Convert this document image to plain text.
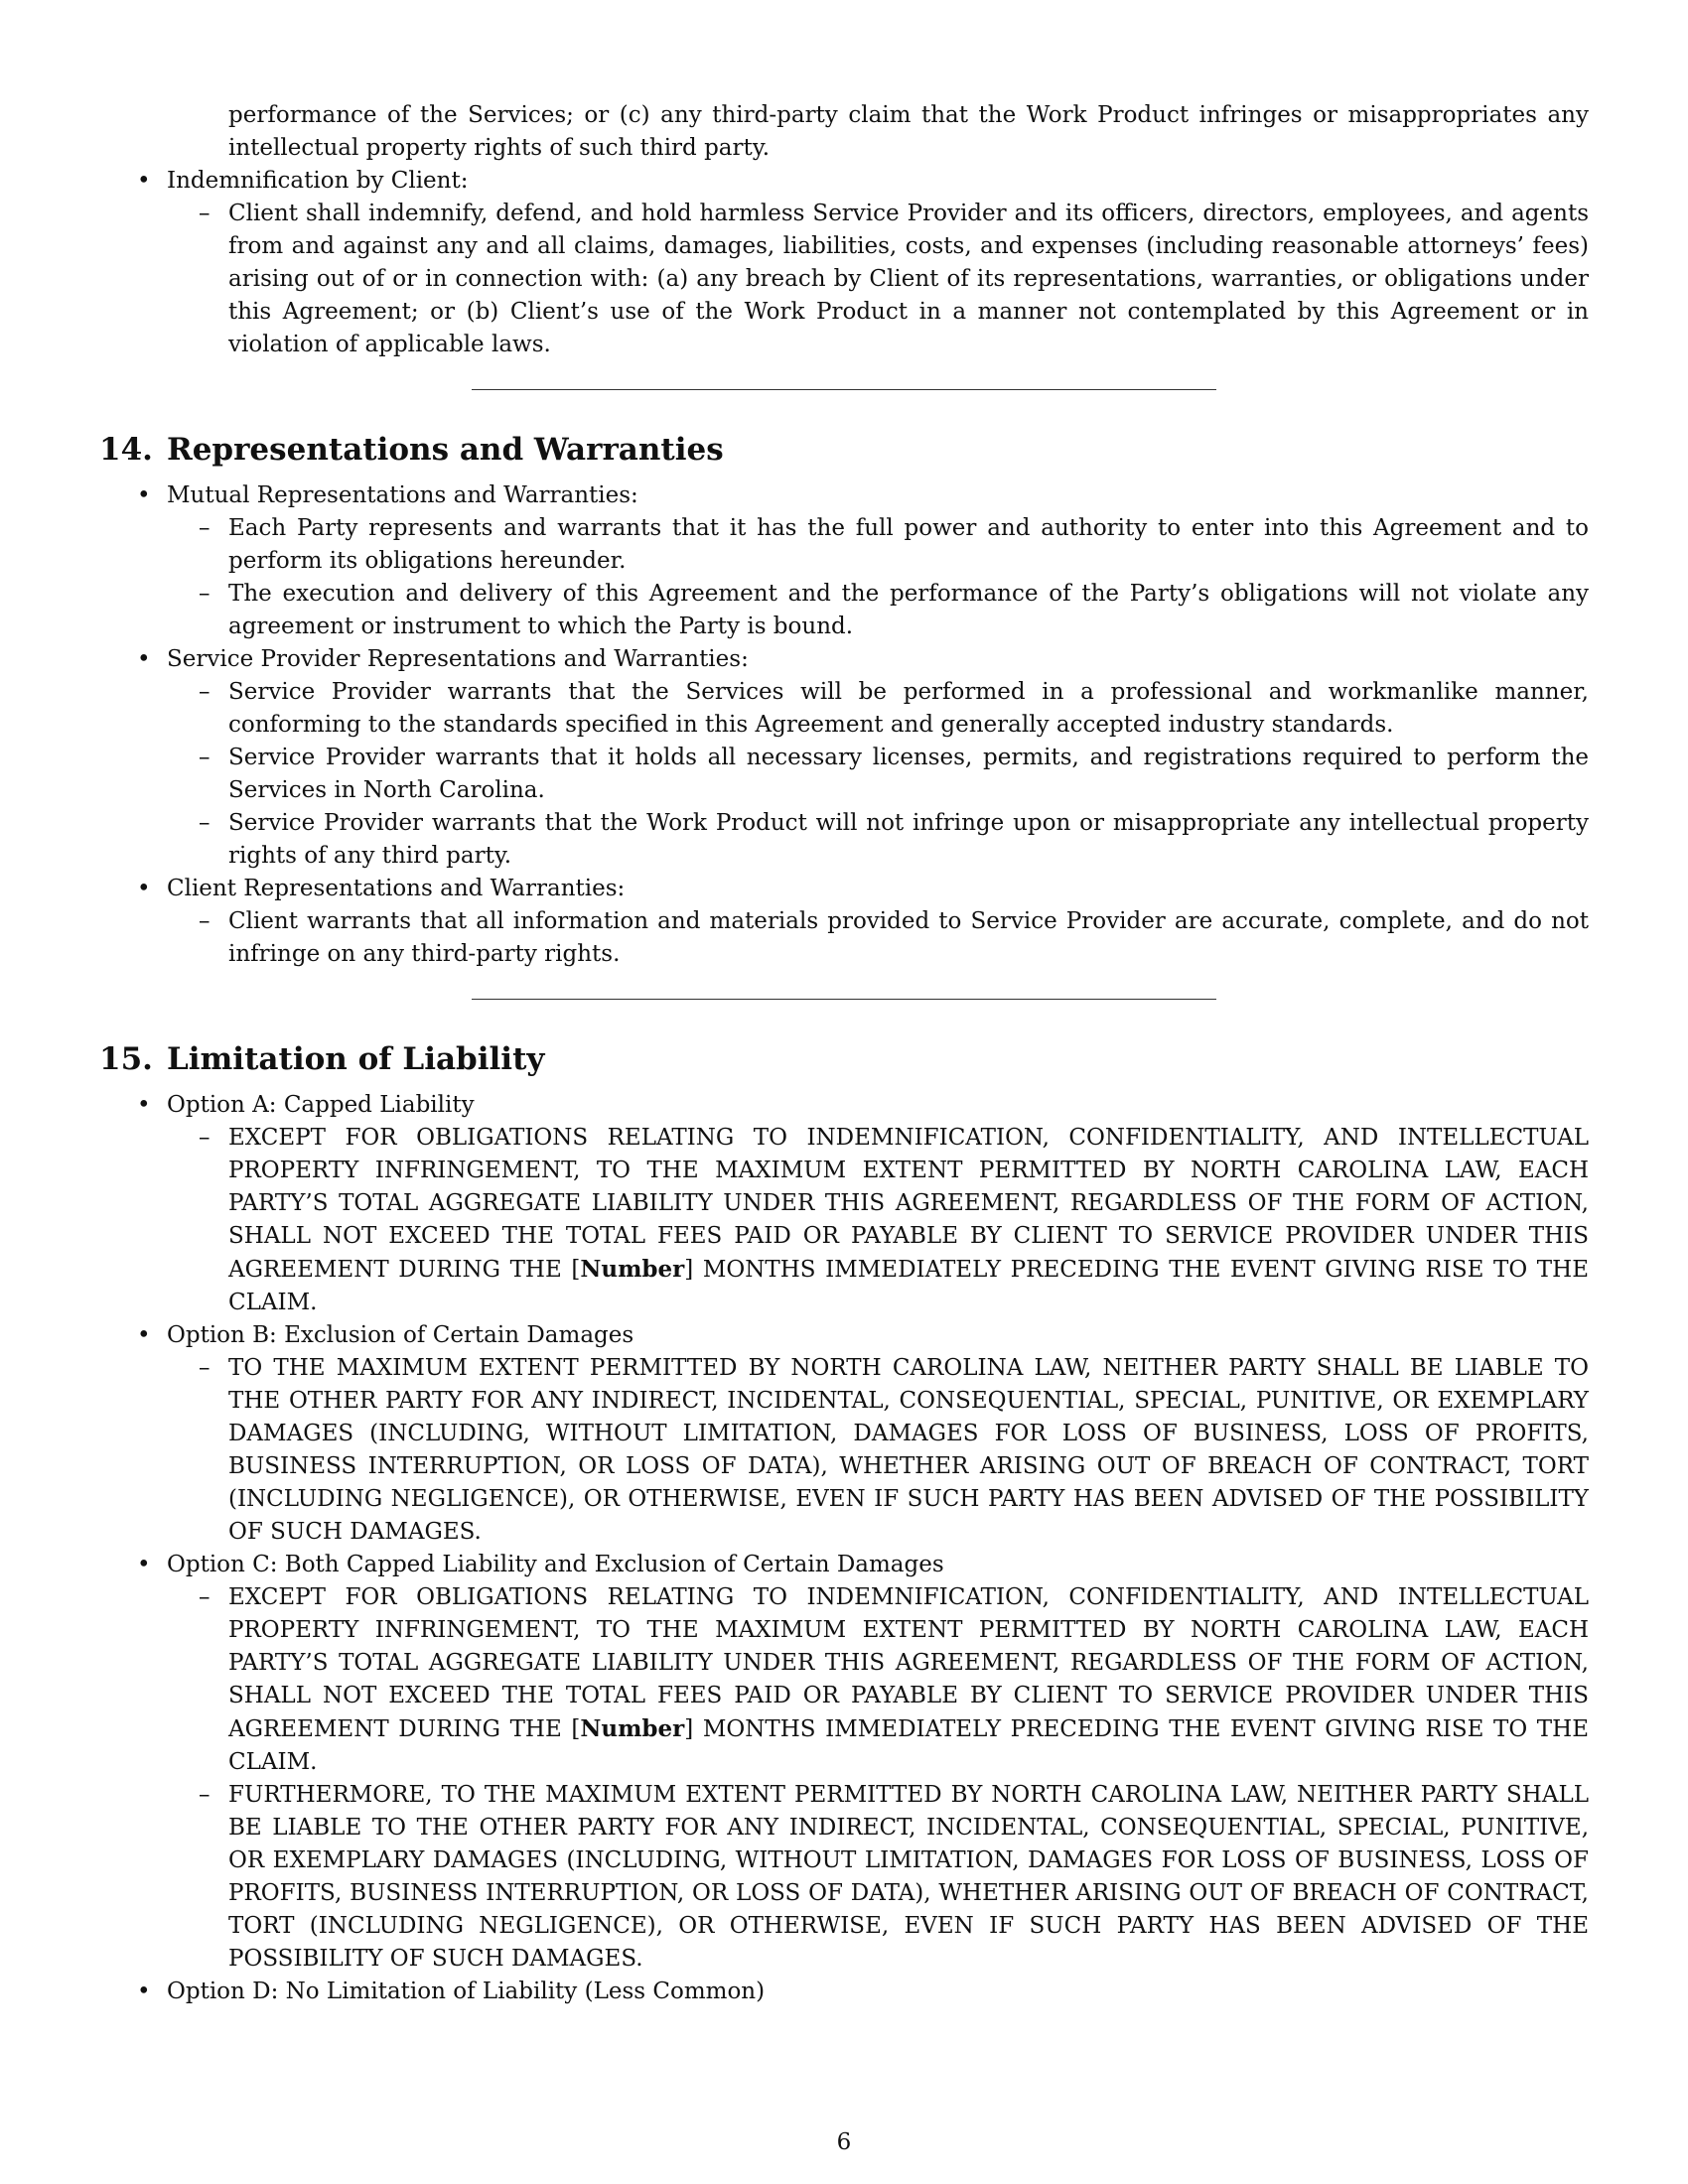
performance of the Services; or (c) any third-party claim that the Work Product infringes or misappropriates any intellectual property rights of such third party.
• Indemnification by Client:
– Client shall indemnify, defend, and hold harmless Service Provider and its officers, directors, employees, and agents from and against any and all claims, damages, liabilities, costs, and expenses (including reasonable attorneys’ fees) arising out of or in connection with: (a) any breach by Client of its representations, warranties, or obligations under this Agreement; or (b) Client’s use of the Work Product in a manner not contemplated by this Agreement or in violation of applicable laws.
14. Representations and Warranties
• Mutual Representations and Warranties:
– Each Party represents and warrants that it has the full power and authority to enter into this Agreement and to perform its obligations hereunder.
– The execution and delivery of this Agreement and the performance of the Party’s obligations will not violate any agreement or instrument to which the Party is bound.
• Service Provider Representations and Warranties:
– Service Provider warrants that the Services will be performed in a professional and workmanlike manner, conforming to the standards specified in this Agreement and generally accepted industry standards.
– Service Provider warrants that it holds all necessary licenses, permits, and registrations required to perform the Services in North Carolina.
– Service Provider warrants that the Work Product will not infringe upon or misappropriate any intellectual property rights of any third party.
• Client Representations and Warranties:
– Client warrants that all information and materials provided to Service Provider are accurate, complete, and do not infringe on any third-party rights.
15. Limitation of Liability
• Option A: Capped Liability
– EXCEPT FOR OBLIGATIONS RELATING TO INDEMNIFICATION, CONFIDENTIALITY, AND INTELLECTUAL PROPERTY INFRINGEMENT, TO THE MAXIMUM EXTENT PERMITTED BY NORTH CAROLINA LAW, EACH PARTY’S TOTAL AGGREGATE LIABILITY UNDER THIS AGREEMENT, REGARDLESS OF THE FORM OF ACTION, SHALL NOT EXCEED THE TOTAL FEES PAID OR PAYABLE BY CLIENT TO SERVICE PROVIDER UNDER THIS AGREEMENT DURING THE [Number] MONTHS IMMEDIATELY PRECEDING THE EVENT GIVING RISE TO THE CLAIM.
• Option B: Exclusion of Certain Damages
– TO THE MAXIMUM EXTENT PERMITTED BY NORTH CAROLINA LAW, NEITHER PARTY SHALL BE LIABLE TO THE OTHER PARTY FOR ANY INDIRECT, INCIDENTAL, CONSEQUENTIAL, SPECIAL, PUNITIVE, OR EXEMPLARY DAMAGES (INCLUDING, WITHOUT LIMITATION, DAMAGES FOR LOSS OF BUSINESS, LOSS OF PROFITS, BUSINESS INTERRUPTION, OR LOSS OF DATA), WHETHER ARISING OUT OF BREACH OF CONTRACT, TORT (INCLUDING NEGLIGENCE), OR OTHERWISE, EVEN IF SUCH PARTY HAS BEEN ADVISED OF THE POSSIBILITY OF SUCH DAMAGES.
• Option C: Both Capped Liability and Exclusion of Certain Damages
– EXCEPT FOR OBLIGATIONS RELATING TO INDEMNIFICATION, CONFIDENTIALITY, AND INTELLECTUAL PROPERTY INFRINGEMENT, TO THE MAXIMUM EXTENT PERMITTED BY NORTH CAROLINA LAW, EACH PARTY’S TOTAL AGGREGATE LIABILITY UNDER THIS AGREEMENT, REGARDLESS OF THE FORM OF ACTION, SHALL NOT EXCEED THE TOTAL FEES PAID OR PAYABLE BY CLIENT TO SERVICE PROVIDER UNDER THIS AGREEMENT DURING THE [Number] MONTHS IMMEDIATELY PRECEDING THE EVENT GIVING RISE TO THE CLAIM.
– FURTHERMORE, TO THE MAXIMUM EXTENT PERMITTED BY NORTH CAROLINA LAW, NEITHER PARTY SHALL BE LIABLE TO THE OTHER PARTY FOR ANY INDIRECT, INCIDENTAL, CONSEQUENTIAL, SPECIAL, PUNITIVE, OR EXEMPLARY DAMAGES (INCLUDING, WITHOUT LIMITATION, DAMAGES FOR LOSS OF BUSINESS, LOSS OF PROFITS, BUSINESS INTERRUPTION, OR LOSS OF DATA), WHETHER ARISING OUT OF BREACH OF CONTRACT, TORT (INCLUDING NEGLIGENCE), OR OTHERWISE, EVEN IF SUCH PARTY HAS BEEN ADVISED OF THE POSSIBILITY OF SUCH DAMAGES.
• Option D: No Limitation of Liability (Less Common)
6
